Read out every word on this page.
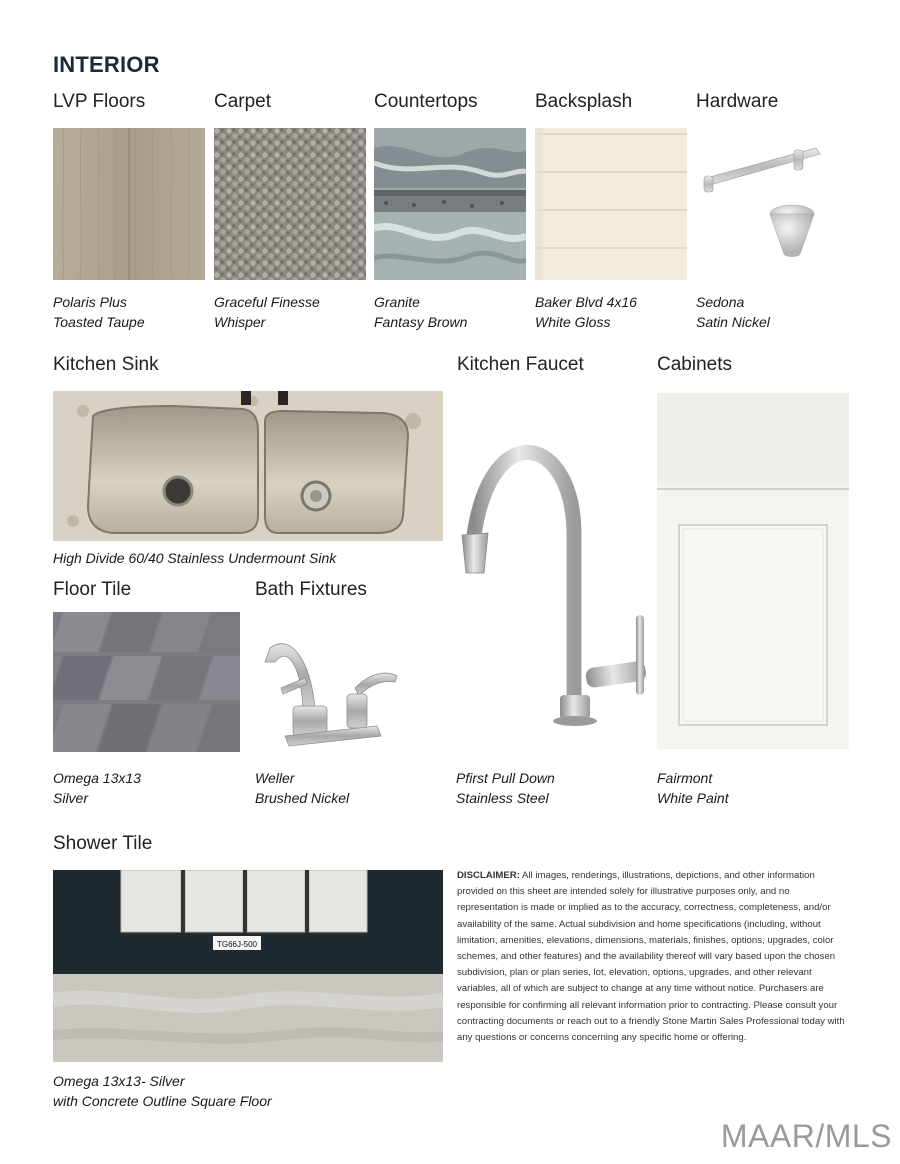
INTERIOR
LVP Floors
Polaris Plus
Toasted Taupe
Carpet
Graceful Finesse
Whisper
Countertops
Granite
Fantasy Brown
Backsplash
Baker Blvd 4x16
White Gloss
Hardware
Sedona
Satin Nickel
Kitchen Sink
High Divide 60/40 Stainless Undermount Sink
Kitchen Faucet
Pfirst Pull Down
Stainless Steel
Cabinets
Fairmont
White Paint
Floor Tile
Omega 13x13
Silver
Bath Fixtures
Weller
Brushed Nickel
Shower Tile
TG66J-500
Omega 13x13- Silver
with Concrete Outline Square Floor
DISCLAIMER: All images, renderings, illustrations, depictions, and other information provided on this sheet are intended solely for illustrative purposes only, and no representation is made or implied as to the accuracy, correctness, completeness, and/or availability of the same. Actual subdivision and home specifications (including, without limitation, amenities, elevations, dimensions, materials, finishes, options, upgrades, color schemes, and other features) and the availability thereof will vary based upon the chosen subdivision, plan or plan series, lot, elevation, options, upgrades, and other relevant variables, all of which are subject to change at any time without notice. Purchasers are responsible for confirming all relevant information prior to contracting. Please consult your contracting documents or reach out to a friendly Stone Martin Sales Professional today with any questions or concerns concerning any specific home or offering.
MAAR/MLS
